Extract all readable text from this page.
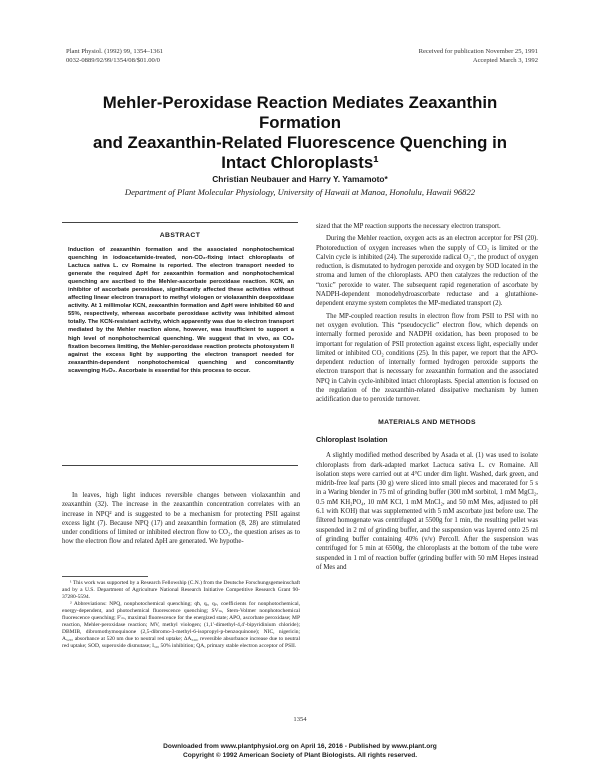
Plant Physiol. (1992) 99, 1354–1361
0032-0889/92/99/1354/08/$01.00/0
Received for publication November 25, 1991
Accepted March 3, 1992
Mehler-Peroxidase Reaction Mediates Zeaxanthin Formation
and Zeaxanthin-Related Fluorescence Quenching in
Intact Chloroplasts¹
Christian Neubauer and Harry Y. Yamamoto*
Department of Plant Molecular Physiology, University of Hawaii at Manoa, Honolulu, Hawaii 96822
ABSTRACT
Induction of zeaxanthin formation and the associated nonphotochemical quenching in iodoacetamide-treated, non-CO₂-fixing intact chloroplasts of Lactuca sativa L. cv Romaine is reported. The electron transport needed to generate the required ΔpH for zeaxanthin formation and nonphotochemical quenching are ascribed to the Mehler-ascorbate peroxidase reaction. KCN, an inhibitor of ascorbate peroxidase, significantly affected these activities without affecting linear electron transport to methyl viologen or violaxanthin deepoxidase activity. At 1 millimolar KCN, zeaxanthin formation and ΔpH were inhibited 60 and 55%, respectively, whereas ascorbate peroxidase activity was inhibited almost totally. The KCN-resistant activity, which apparently was due to electron transport mediated by the Mehler reaction alone, however, was insufficient to support a high level of nonphotochemical quenching. We suggest that in vivo, as CO₂ fixation becomes limiting, the Mehler-peroxidase reaction protects photosystem II against the excess light by supporting the electron transport needed for zeaxanthin-dependent nonphotochemical quenching and concomitantly scavenging H₂O₂. Ascorbate is essential for this process to occur.

In leaves, high light induces reversible changes between violaxanthin and zeaxanthin (32). The increase in the zeaxanthin concentration correlates with an increase in NPQ² and is suggested to be a mechanism for protecting PSII against excess light (7). Because NPQ (17) and zeaxanthin formation (8, 28) are stimulated under conditions of limited or inhibited electron flow to CO₂, the question arises as to how the electron flow and related ΔpH are generated. We hypothe-

¹ This work was supported by a Research Fellowship (C.N.) from the Deutsche Forschungsgemeinschaft and by a U.S. Department of Agriculture National Research Initiative Competitive Research Grant 90-37280-5594.

² Abbreviations: NPQ, nonphotochemical quenching; qħ, qₑ, qₚ, coefficients for nonphotochemical, energy-dependent, and photochemical fluorescence quenching; SVₘ, Stern-Volmer nonphotochemical fluorescence quenching; F′ₘ, maximal fluorescence for the energized state; APO, ascorbate peroxidase; MP reaction, Mehler-peroxidase reaction; MV, methyl viologen; (1,1′-dimethyl-4,4′-bipyridinium chloride); DBMIB, dibromothymoquinone (2,5-dibromo-3-methyl-6-isopropyl-p-benzoquinone); NIC, nigericin; A₅₂₀, absorbance at 520 nm due to neutral red uptake; ΔA₅₂₀, reversible absorbance increase due to neutral red uptake; SOD, superoxide dismutase; I₅₀, 50% inhibition; QA, primary stable electron acceptor of PSII.

sized that the MP reaction supports the necessary electron transport.

During the Mehler reaction, oxygen acts as an electron acceptor for PSI (20). Photoreduction of oxygen increases when the supply of CO₂ is limited or the Calvin cycle is inhibited (24). The superoxide radical O₂⁻, the product of oxygen reduction, is dismutated to hydrogen peroxide and oxygen by SOD located in the stroma and lumen of the chloroplasts. APO then catalyzes the reduction of the “toxic” peroxide to water. The subsequent rapid regeneration of ascorbate by NADPH-dependent monodehydroascorbate reductase and a glutathione-dependent enzyme system completes the MP-mediated transport (2).

The MP-coupled reaction results in electron flow from PSII to PSI with no net oxygen evolution. This “pseudocyclic” electron flow, which depends on internally formed peroxide and NADPH oxidation, has been proposed to be important for regulation of PSII protection against excess light, especially under limited or inhibited CO₂ conditions (25). In this paper, we report that the APO-dependent reduction of internally formed hydrogen peroxide supports the electron transport that is necessary for zeaxanthin formation and the associated NPQ in Calvin cycle-inhibited intact chloroplasts. Special attention is focused on the regulation of the zeaxanthin-related dissipative mechanism by lumen acidification due to peroxide turnover.

MATERIALS AND METHODS
Chloroplast Isolation

A slightly modified method described by Asada et al. (1) was used to isolate chloroplasts from dark-adapted market Lactuca sativa L. cv Romaine. All isolation steps were carried out at 4°C under dim light. Washed, dark green, and midrib-free leaf parts (30 g) were sliced into small pieces and macerated for 5 s in a Waring blender in 75 ml of grinding buffer (300 mM sorbitol, 1 mM MgCl₂, 0.5 mM KH₂PO₄, 10 mM KCl, 1 mM MnCl₂, and 50 mM Mes, adjusted to pH 6.1 with KOH) that was supplemented with 5 mM ascorbate just before use. The filtered homogenate was centrifuged at 5500g for 1 min, the resulting pellet was suspended in 2 ml of grinding buffer, and the suspension was layered onto 25 ml of grinding buffer containing 40% (v/v) Percoll. After the suspension was centrifuged for 5 min at 6500g, the chloroplasts at the bottom of the tube were suspended in 1 ml of reaction buffer (grinding buffer with 50 mM Hepes instead of Mes and

1354
Downloaded from www.plantphysiol.org on April 16, 2016 - Published by www.plant.org
Copyright © 1992 American Society of Plant Biologists. All rights reserved.
